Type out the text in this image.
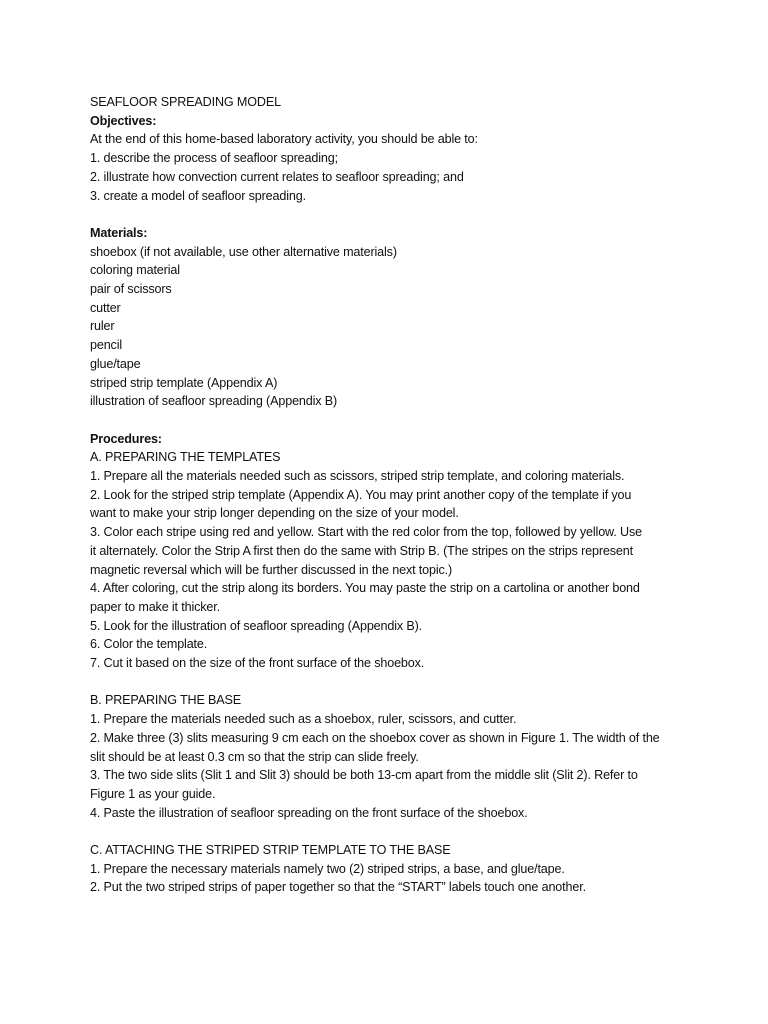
SEAFLOOR SPREADING MODEL
Objectives:
At the end of this home-based laboratory activity, you should be able to:
1. describe the process of seafloor spreading;
2. illustrate how convection current relates to seafloor spreading; and
3. create a model of seafloor spreading.
Materials:
shoebox (if not available, use other alternative materials)
coloring material
pair of scissors
cutter
ruler
pencil
glue/tape
striped strip template (Appendix A)
illustration of seafloor spreading (Appendix B)
Procedures:
A. PREPARING THE TEMPLATES
1. Prepare all the materials needed such as scissors, striped strip template, and coloring materials.
2. Look for the striped strip template (Appendix A). You may print another copy of the template if you
want to make your strip longer depending on the size of your model.
3. Color each stripe using red and yellow. Start with the red color from the top, followed by yellow. Use
it alternately. Color the Strip A first then do the same with Strip B. (The stripes on the strips represent
magnetic reversal which will be further discussed in the next topic.)
4. After coloring, cut the strip along its borders. You may paste the strip on a cartolina or another bond
paper to make it thicker.
5. Look for the illustration of seafloor spreading (Appendix B).
6. Color the template.
7. Cut it based on the size of the front surface of the shoebox.
B. PREPARING THE BASE
1. Prepare the materials needed such as a shoebox, ruler, scissors, and cutter.
2. Make three (3) slits measuring 9 cm each on the shoebox cover as shown in Figure 1. The width of the
slit should be at least 0.3 cm so that the strip can slide freely.
3. The two side slits (Slit 1 and Slit 3) should be both 13-cm apart from the middle slit (Slit 2). Refer to
Figure 1 as your guide.
4. Paste the illustration of seafloor spreading on the front surface of the shoebox.
C. ATTACHING THE STRIPED STRIP TEMPLATE TO THE BASE
1. Prepare the necessary materials namely two (2) striped strips, a base, and glue/tape.
2. Put the two striped strips of paper together so that the “START” labels touch one another.
